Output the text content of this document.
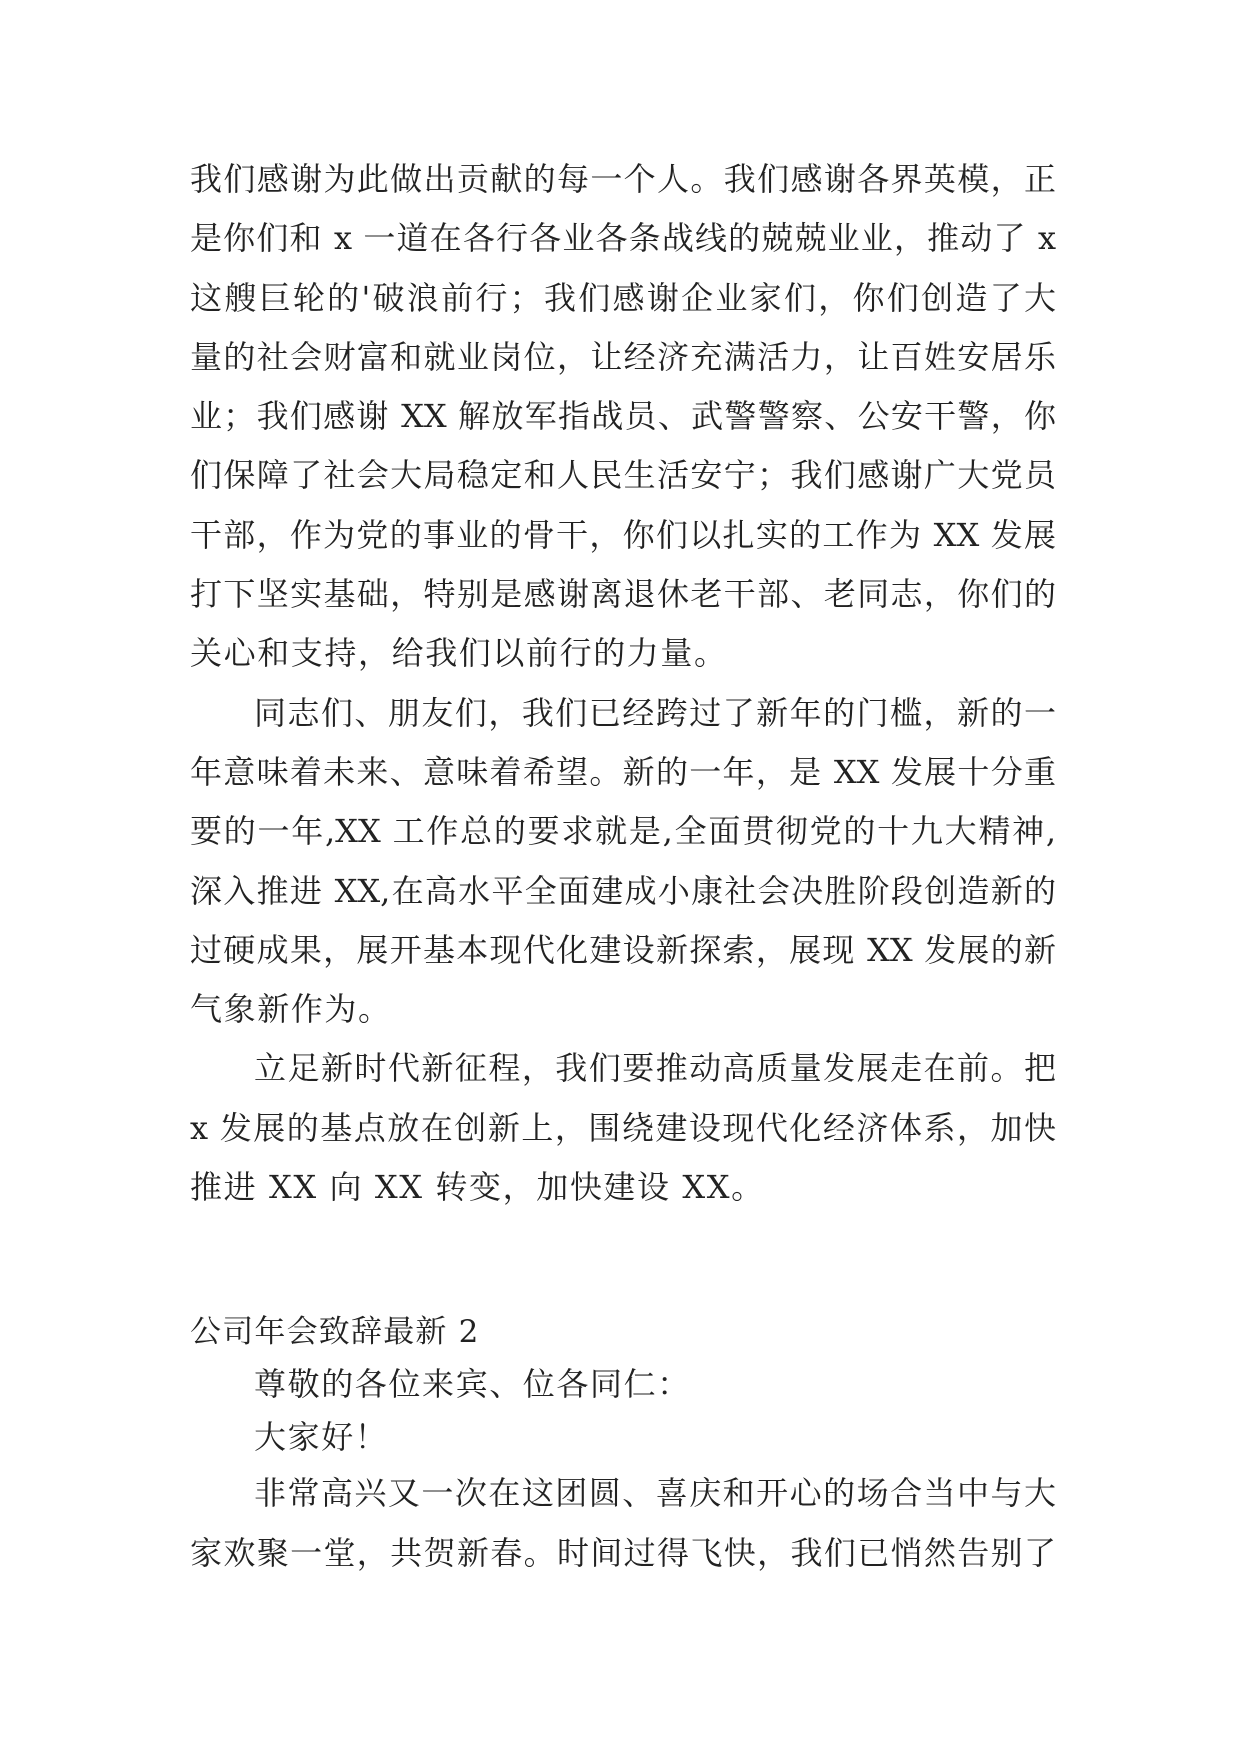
我们感谢为此做出贡献的每一个人。我们感谢各界英模，正
是你们和 x 一道在各行各业各条战线的兢兢业业，推动了 x
这艘巨轮的'破浪前行；我们感谢企业家们，你们创造了大
量的社会财富和就业岗位，让经济充满活力，让百姓安居乐
业；我们感谢 XX 解放军指战员、武警警察、公安干警，你
们保障了社会大局稳定和人民生活安宁；我们感谢广大党员
干部，作为党的事业的骨干，你们以扎实的工作为 XX 发展
打下坚实基础，特别是感谢离退休老干部、老同志，你们的
关心和支持，给我们以前行的力量。
同志们、朋友们，我们已经跨过了新年的门槛，新的一
年意味着未来、意味着希望。新的一年，是 XX 发展十分重
要的一年,XX 工作总的要求就是,全面贯彻党的十九大精神,
深入推进 XX,在高水平全面建成小康社会决胜阶段创造新的
过硬成果，展开基本现代化建设新探索，展现 XX 发展的新
气象新作为。
立足新时代新征程，我们要推动高质量发展走在前。把
x 发展的基点放在创新上，围绕建设现代化经济体系，加快
推进 XX 向 XX 转变，加快建设 XX。
公司年会致辞最新 2
尊敬的各位来宾、位各同仁：
大家好！
非常高兴又一次在这团圆、喜庆和开心的场合当中与大
家欢聚一堂，共贺新春。时间过得飞快，我们已悄然告别了
